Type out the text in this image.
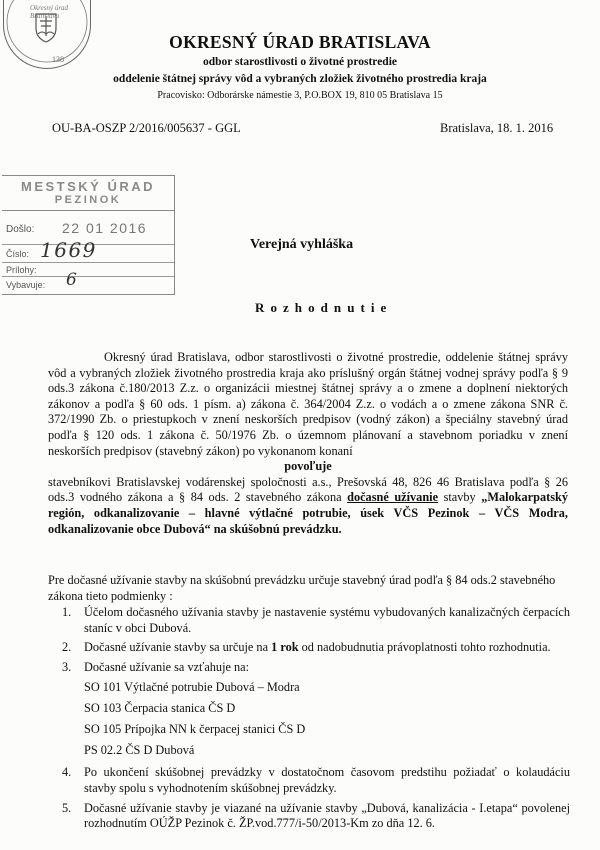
Okresný úrad Bratislava
138
OKRESNÝ ÚRAD BRATISLAVA
odbor starostlivosti o životné prostredie
oddelenie štátnej správy vôd a vybraných zložiek životného prostredia kraja
Pracovisko: Odborárske námestie 3, P.O.BOX 19, 810 05 Bratislava 15
OU-BA-OSZP 2/2016/005637 - GGL	Bratislava, 18. 1. 2016
MESTSKÝ ÚRAD
PEZINOK
Došlo: 22 01 2016
Číslo: 1669
Prílohy:
Vybavuje: 6
Verejná vyhláška
R o z h o d n u t i e

Okresný úrad Bratislava, odbor starostlivosti o životné prostredie, oddelenie štátnej správy vôd a vybraných zložiek životného prostredia kraja ako príslušný orgán štátnej vodnej správy podľa § 9 ods.3 zákona č.180/2013 Z.z. o organizácii miestnej štátnej správy a o zmene a doplnení niektorých zákonov a podľa § 60 ods. 1 písm. a) zákona č. 364/2004 Z.z. o vodách a o zmene zákona SNR č. 372/1990 Zb. o priestupkoch v znení neskorších predpisov (vodný zákon) a špeciálny stavebný úrad podľa § 120 ods. 1 zákona č. 50/1976 Zb. o územnom plánovaní a stavebnom poriadku v znení neskorších predpisov (stavebný zákon) po vykonanom konaní

povoľuje

stavebníkovi Bratislavskej vodárenskej spoločnosti a.s., Prešovská 48, 826 46 Bratislava podľa § 26 ods.3 vodného zákona a § 84 ods. 2 stavebného zákona dočasné užívanie stavby „Malokarpatský región, odkanalizovanie – hlavné výtlačné potrubie, úsek VČS Pezinok – VČS Modra, odkanalizovanie obce Dubová“ na skúšobnú prevádzku.

Pre dočasné užívanie stavby na skúšobnú prevádzku určuje stavebný úrad podľa § 84 ods.2 stavebného zákona tieto podmienky :
1. Účelom dočasného užívania stavby je nastavenie systému vybudovaných kanalizačných čerpacích staníc v obci Dubová.
2. Dočasné užívanie stavby sa určuje na 1 rok od nadobudnutia právoplatnosti tohto rozhodnutia.
3. Dočasné užívanie sa vzťahuje na:
SO 101 Výtlačné potrubie Dubová – Modra
SO 103 Čerpacia stanica ČS D
SO 105 Prípojka NN k čerpacej stanici ČS D
PS 02.2 ČS D Dubová
4. Po ukončení skúšobnej prevádzky v dostatočnom časovom predstihu požiadať o kolaudáciu stavby spolu s vyhodnotením skúšobnej prevádzky.
5. Dočasné užívanie stavby je viazané na užívanie stavby „Dubová, kanalizácia - I.etapa“ povolenej rozhodnutím OÚŽP Pezinok č. ŽP.vod.777/i-50/2013-Km zo dňa 12. 6.
